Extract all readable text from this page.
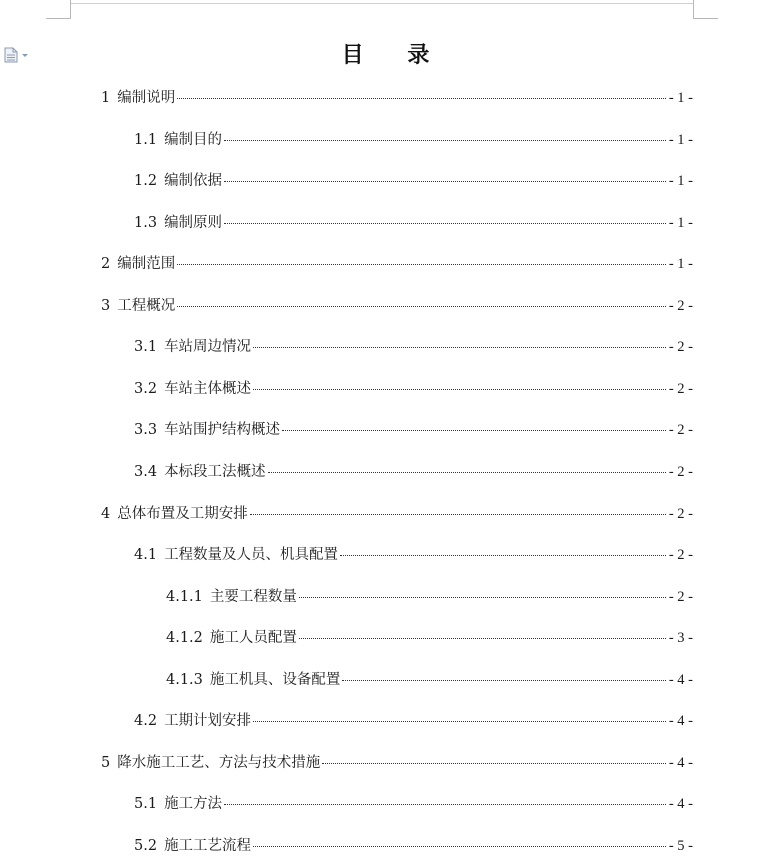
目 录
1 编制说明	- 1 -
1.1 编制目的	- 1 -
1.2 编制依据	- 1 -
1.3 编制原则	- 1 -
2 编制范围	- 1 -
3 工程概况	- 2 -
3.1 车站周边情况	- 2 -
3.2 车站主体概述	- 2 -
3.3 车站围护结构概述	- 2 -
3.4 本标段工法概述	- 2 -
4 总体布置及工期安排	- 2 -
4.1 工程数量及人员、机具配置	- 2 -
4.1.1 主要工程数量	- 2 -
4.1.2 施工人员配置	- 3 -
4.1.3 施工机具、设备配置	- 4 -
4.2 工期计划安排	- 4 -
5 降水施工工艺、方法与技术措施	- 4 -
5.1 施工方法	- 4 -
5.2 施工工艺流程	- 5 -
